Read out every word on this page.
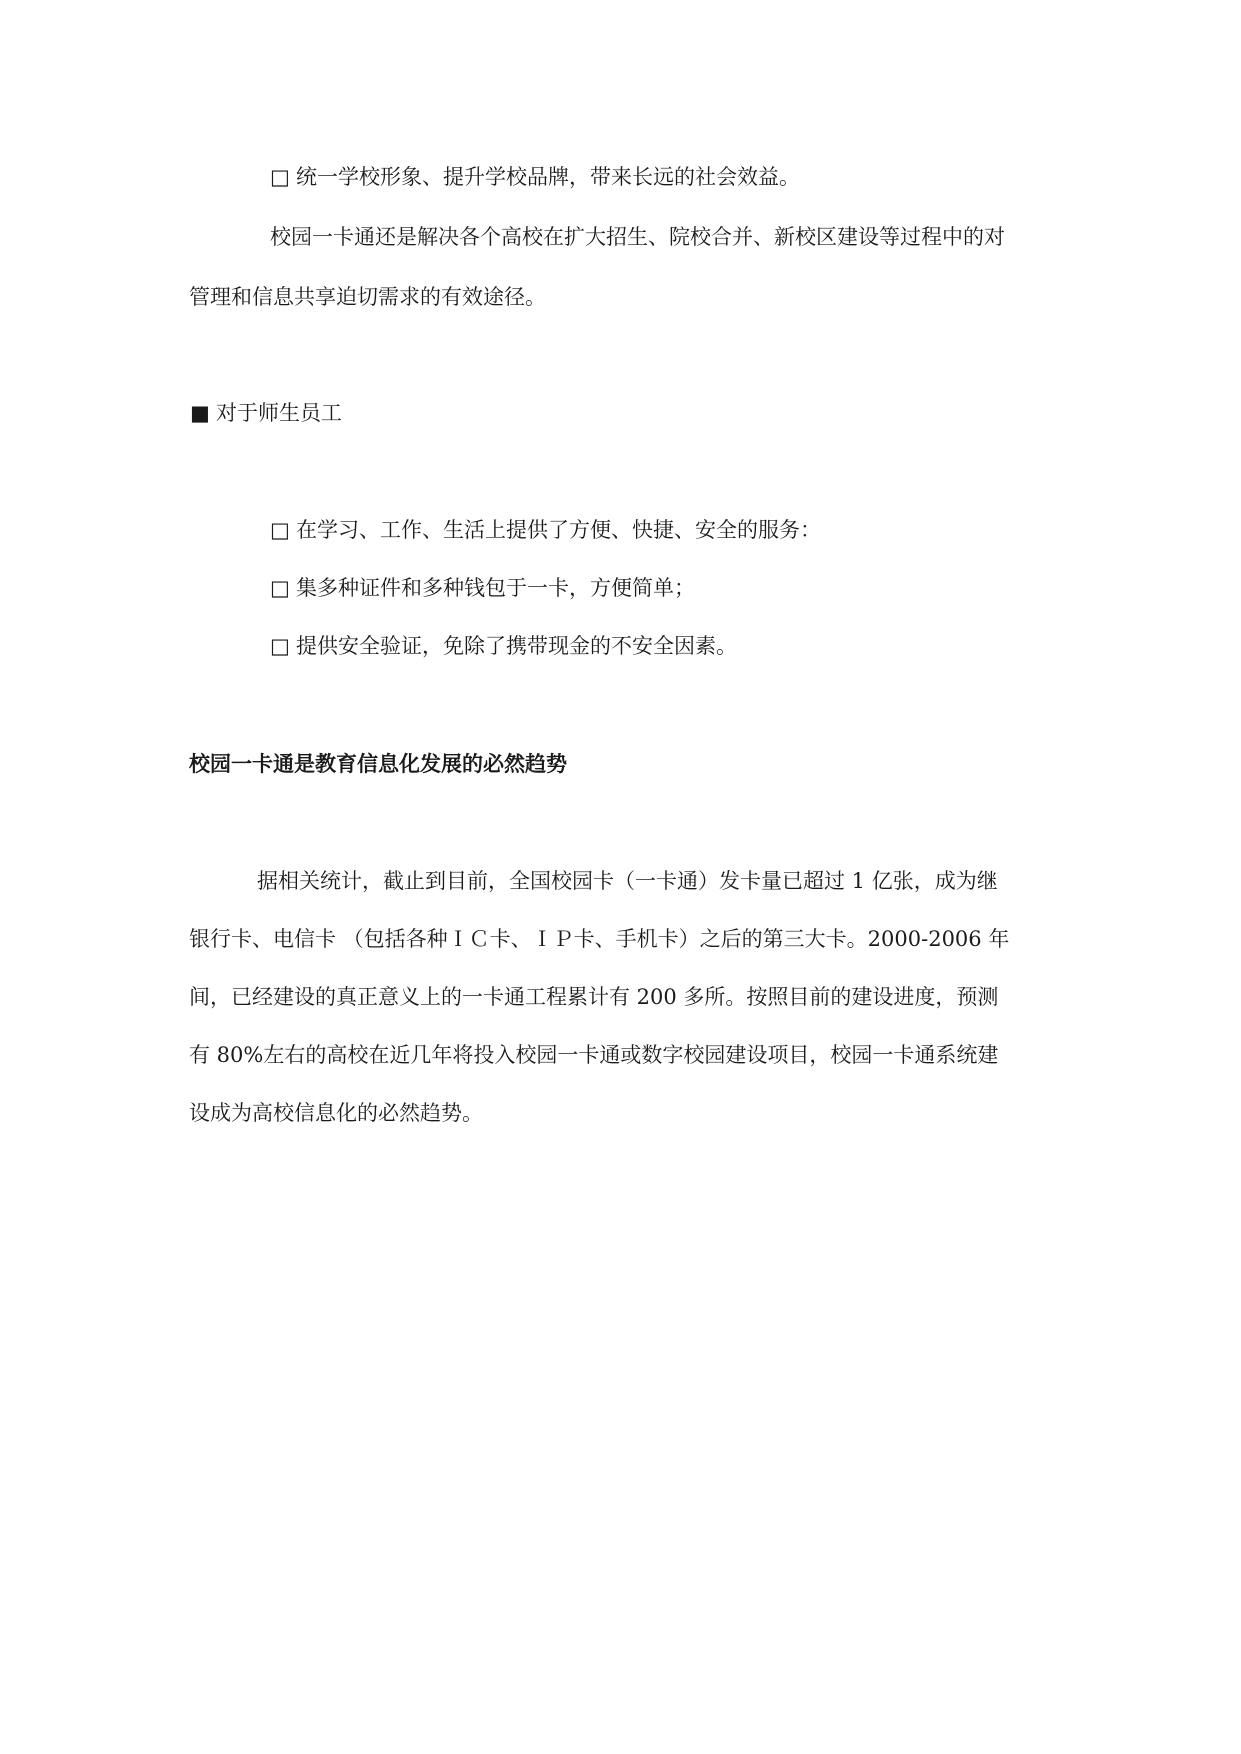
□ 统一学校形象、提升学校品牌，带来长远的社会效益。
校园一卡通还是解决各个高校在扩大招生、院校合并、新校区建设等过程中的对
管理和信息共享迫切需求的有效途径。
■ 对于师生员工
□ 在学习、工作、生活上提供了方便、快捷、安全的服务：
□ 集多种证件和多种钱包于一卡，方便简单；
□ 提供安全验证，免除了携带现金的不安全因素。
校园一卡通是教育信息化发展的必然趋势
据相关统计，截止到目前，全国校园卡（一卡通）发卡量已超过 1 亿张，成为继
银行卡、电信卡 （包括各种ＩＣ卡、ＩＰ卡、手机卡）之后的第三大卡。2000-2006 年
间，已经建设的真正意义上的一卡通工程累计有 200 多所。按照目前的建设进度，预测
有 80%左右的高校在近几年将投入校园一卡通或数字校园建设项目，校园一卡通系统建
设成为高校信息化的必然趋势。
